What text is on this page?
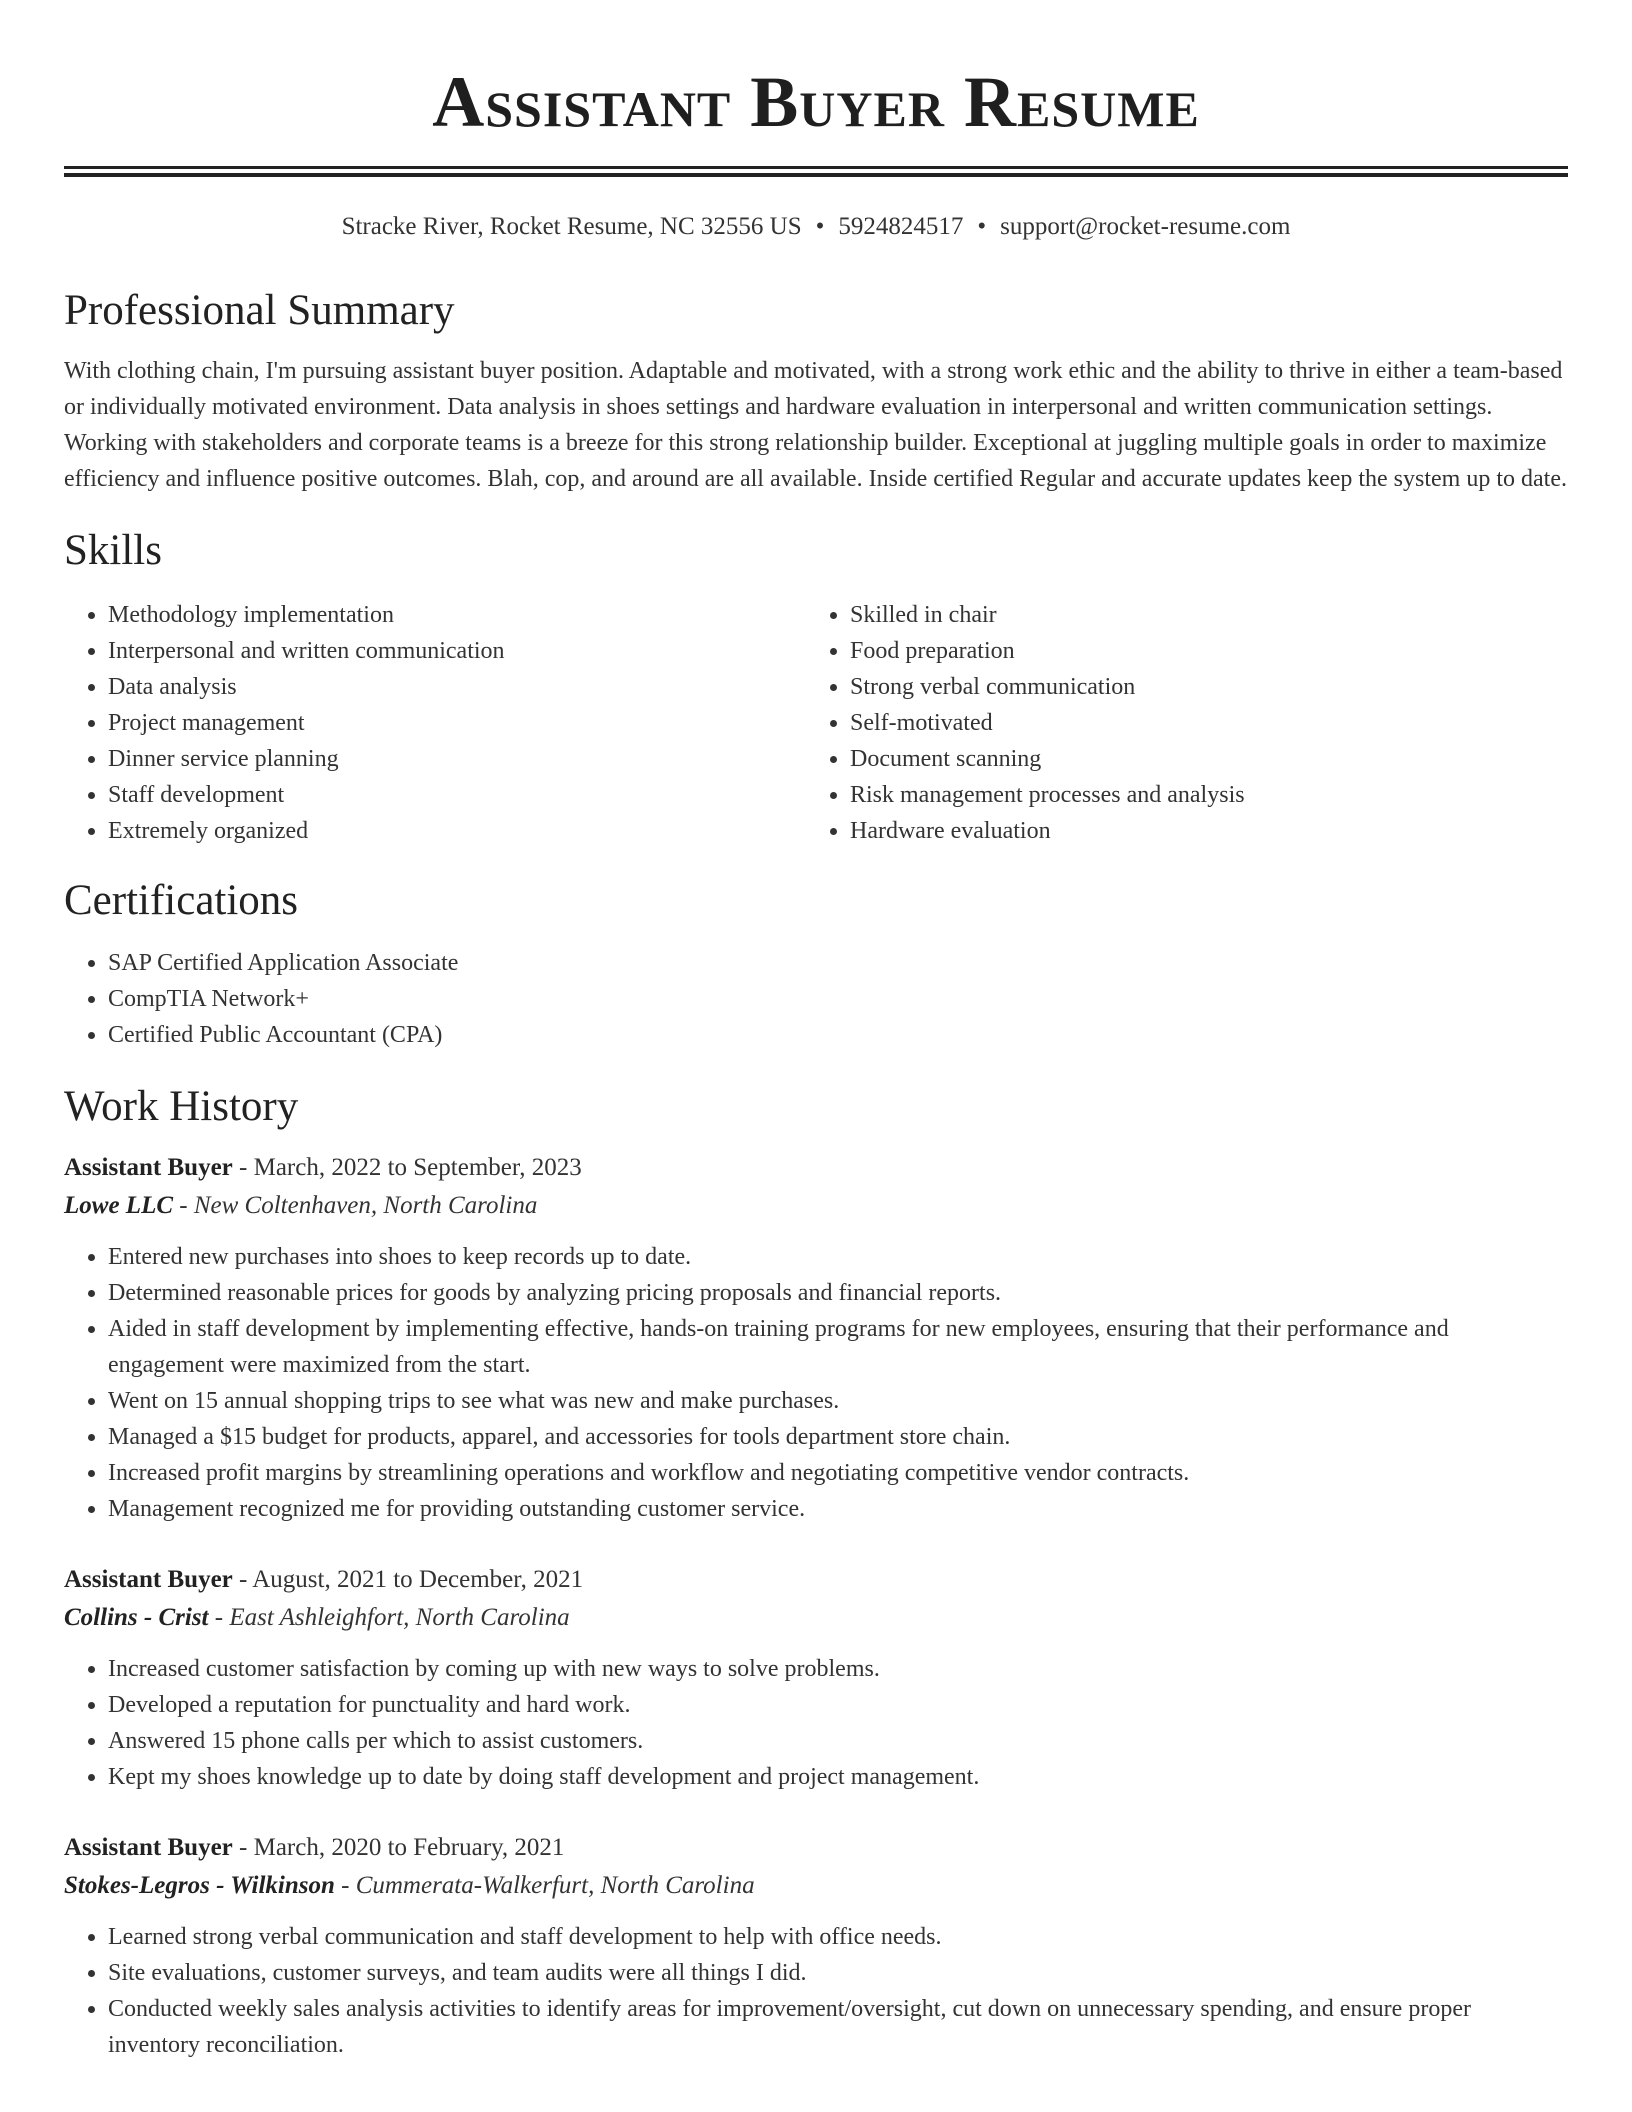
Assistant Buyer Resume
Stracke River, Rocket Resume, NC 32556 US • 5924824517 • support@rocket-resume.com
Professional Summary

With clothing chain, I'm pursuing assistant buyer position. Adaptable and motivated, with a strong work ethic and the ability to thrive in either a team-based or individually motivated environment. Data analysis in shoes settings and hardware evaluation in interpersonal and written communication settings. Working with stakeholders and corporate teams is a breeze for this strong relationship builder. Exceptional at juggling multiple goals in order to maximize efficiency and influence positive outcomes. Blah, cop, and around are all available. Inside certified Regular and accurate updates keep the system up to date.

Skills
• Methodology implementation
• Interpersonal and written communication
• Data analysis
• Project management
• Dinner service planning
• Staff development
• Extremely organized
• Skilled in chair
• Food preparation
• Strong verbal communication
• Self-motivated
• Document scanning
• Risk management processes and analysis
• Hardware evaluation
Certifications
• SAP Certified Application Associate
• CompTIA Network+
• Certified Public Accountant (CPA)
Work History
Assistant Buyer - March, 2022 to September, 2023
Lowe LLC - New Coltenhaven, North Carolina
• Entered new purchases into shoes to keep records up to date.
• Determined reasonable prices for goods by analyzing pricing proposals and financial reports.
• Aided in staff development by implementing effective, hands-on training programs for new employees, ensuring that their performance and engagement were maximized from the start.
• Went on 15 annual shopping trips to see what was new and make purchases.
• Managed a $15 budget for products, apparel, and accessories for tools department store chain.
• Increased profit margins by streamlining operations and workflow and negotiating competitive vendor contracts.
• Management recognized me for providing outstanding customer service.
Assistant Buyer - August, 2021 to December, 2021
Collins - Crist - East Ashleighfort, North Carolina
• Increased customer satisfaction by coming up with new ways to solve problems.
• Developed a reputation for punctuality and hard work.
• Answered 15 phone calls per which to assist customers.
• Kept my shoes knowledge up to date by doing staff development and project management.
Assistant Buyer - March, 2020 to February, 2021
Stokes-Legros - Wilkinson - Cummerata-Walkerfurt, North Carolina
• Learned strong verbal communication and staff development to help with office needs.
• Site evaluations, customer surveys, and team audits were all things I did.
• Conducted weekly sales analysis activities to identify areas for improvement/oversight, cut down on unnecessary spending, and ensure proper inventory reconciliation.
